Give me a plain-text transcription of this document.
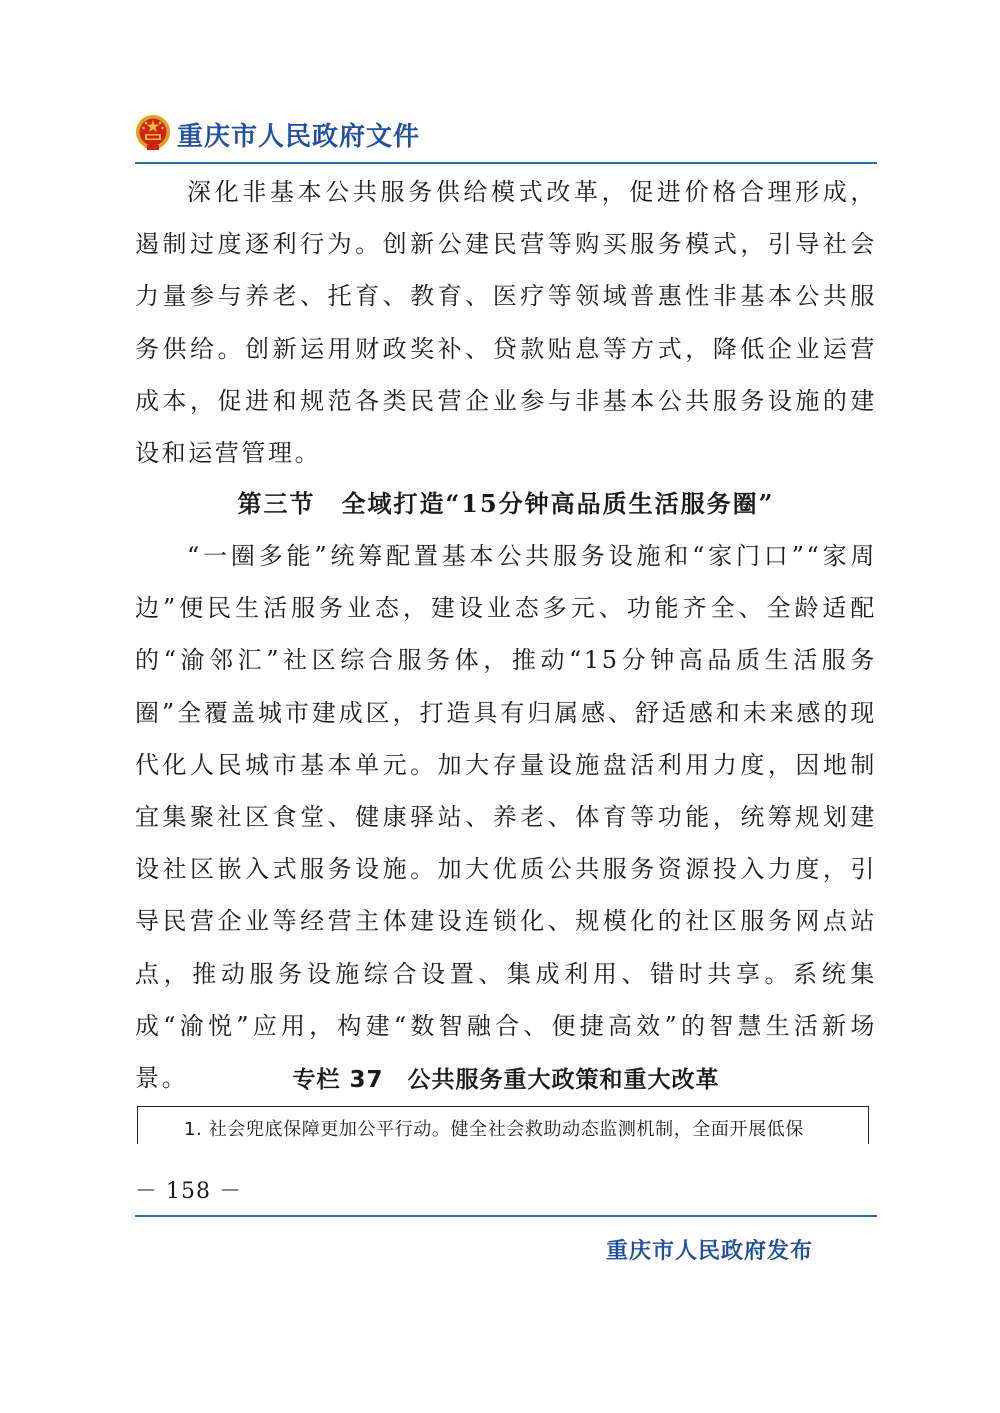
重庆市人民政府文件

深化非基本公共服务供给模式改革，促进价格合理形成，遏制过度逐利行为。创新公建民营等购买服务模式，引导社会力量参与养老、托育、教育、医疗等领域普惠性非基本公共服务供给。创新运用财政奖补、贷款贴息等方式，降低企业运营成本，促进和规范各类民营企业参与非基本公共服务设施的建设和运营管理。

第三节　全域打造“15分钟高品质生活服务圈”

“一圈多能”统筹配置基本公共服务设施和“家门口”“家周边”便民生活服务业态，建设业态多元、功能齐全、全龄适配的“渝邻汇”社区综合服务体，推动“15分钟高品质生活服务圈”全覆盖城市建成区，打造具有归属感、舒适感和未来感的现代化人民城市基本单元。加大存量设施盘活利用力度，因地制宜集聚社区食堂、健康驿站、养老、体育等功能，统筹规划建设社区嵌入式服务设施。加大优质公共服务资源投入力度，引导民营企业等经营主体建设连锁化、规模化的社区服务网点站点，推动服务设施综合设置、集成利用、错时共享。系统集成“渝悦”应用，构建“数智融合、便捷高效”的智慧生活新场景。	专栏 37　公共服务重大政策和重大改革
1. 社会兜底保障更加公平行动。健全社会救助动态监测机制，全面开展低保
－ 158 －
重庆市人民政府发布
